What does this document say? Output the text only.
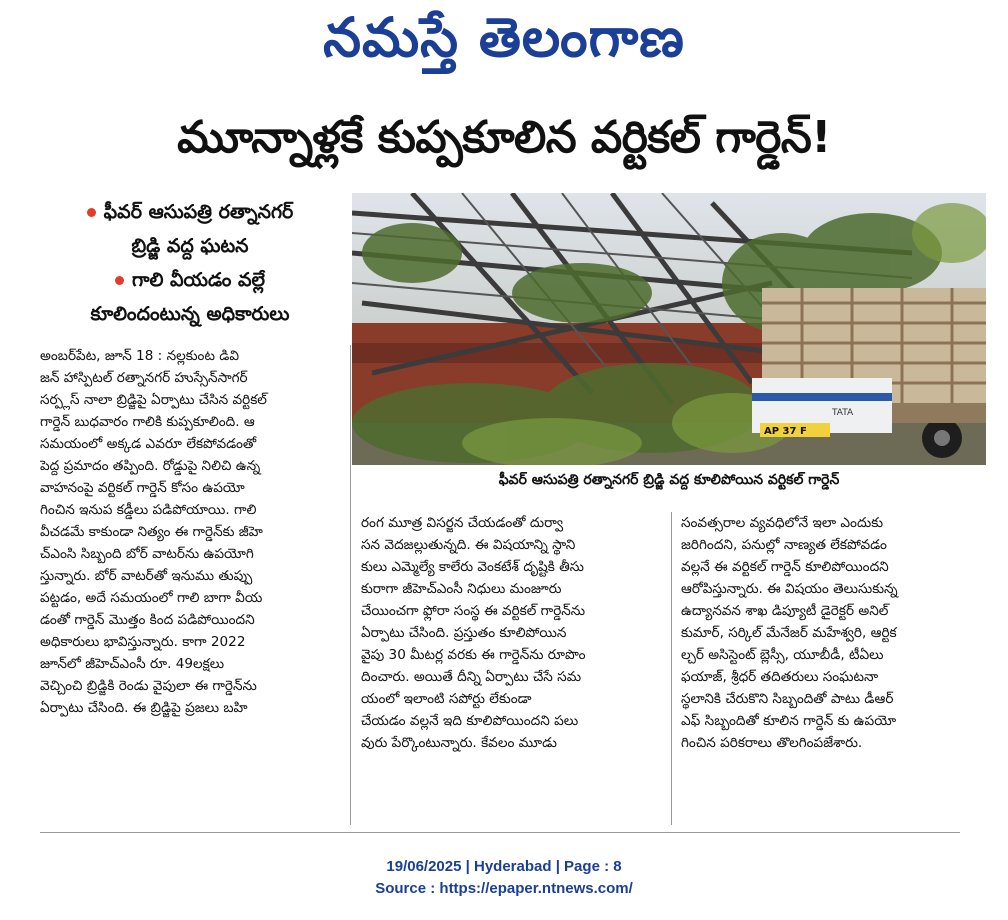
నమస్తే తెలంగాణ
మూన్నాళ్లకే కుప్పకూలిన వర్టికల్ గార్డెన్!
ఫీవర్ ఆసుపత్రి రత్నానగర్
బ్రిడ్జి వద్ద ఘటన
గాలి వీయడం వల్లే
కూలిందంటున్న అధికారులు
AP 37 F
TATA
ఫీవర్ ఆసుపత్రి రత్నానగర్ బ్రిడ్జి వద్ద కూలిపోయిన వర్టికల్ గార్డెన్
అంబర్‌పేట, జూన్ 18 : నల్లకుంట డివి
జన్ హాస్పిటల్ రత్నానగర్ హుస్సేన్‌సాగర్
సర్ప్లస్ నాలా బ్రిడ్జిపై ఏర్పాటు చేసిన వర్టికల్
గార్డెన్ బుధవారం గాలికి కుప్పకూలింది. ఆ
సమయంలో అక్కడ ఎవరూ లేకపోవడంతో
పెద్ద ప్రమాదం తప్పింది. రోడ్డుపై నిలిచి ఉన్న
వాహనంపై వర్టికల్ గార్డెన్ కోసం ఉపయో
గించిన ఇనుప కడ్డీలు పడిపోయాయి. గాలి
వీచడమే కాకుండా నిత్యం ఈ గార్డెన్‌కు జీహె
చ్‌ఎంసి సిబ్బంది బోర్ వాటర్‌ను ఉపయోగి
స్తున్నారు. బోర్ వాటర్‌తో ఇనుము తుప్పు
పట్టడం, అదే సమయంలో గాలి బాగా వీయ
డంతో గార్డెన్ మొత్తం కింద పడిపోయిందని
అధికారులు భావిస్తున్నారు. కాగా 2022
జూన్‌లో జీహెచ్‌ఎంసీ రూ. 49లక్షలు
వెచ్చించి బ్రిడ్జికి రెండు వైపులా ఈ గార్డెన్‌ను
ఏర్పాటు చేసింది. ఈ బ్రిడ్జిపై ప్రజలు బహి
రంగ మూత్ర విసర్జన చేయడంతో దుర్వా
సన వెదజల్లుతున్నది. ఈ విషయాన్ని స్థాని
కులు ఎమ్మెల్యే కాలేరు వెంకటేశ్ దృష్టికి తీసు
కురాగా జీహెచ్‌ఎంసీ నిధులు మంజూరు
చేయించగా ఫ్లోరా సంస్థ ఈ వర్టికల్ గార్డెన్‌ను
ఏర్పాటు చేసింది. ప్రస్తుతం కూలిపోయిన
వైపు 30 మీటర్ల వరకు ఈ గార్డెన్‌ను రూపొం
దించారు. అయితే దీన్ని ఏర్పాటు చేసే సమ
యంలో ఇలాంటి సపోర్టు లేకుండా
చేయడం వల్లనే ఇది కూలిపోయిందని పలు
వురు పేర్కొంటున్నారు. కేవలం మూడు
సంవత్సరాల వ్యవధిలోనే ఇలా ఎందుకు
జరిగిందని, పనుల్లో నాణ్యత లేకపోవడం
వల్లనే ఈ వర్టికల్ గార్డెన్ కూలిపోయిందని
ఆరోపిస్తున్నారు. ఈ విషయం తెలుసుకున్న
ఉద్యానవన శాఖ డిప్యూటీ డైరెక్టర్ అనిల్
కుమార్, సర్కిల్ మేనేజర్ మహేశ్వరి, ఆర్టిక
ల్చర్ అసిస్టెంట్ బ్లెస్సీ, యూబీడీ, టీఏలు
ఫయాజ్, శ్రీధర్ తదితరులు సంఘటనా
స్థలానికి చేరుకొని సిబ్బందితో పాటు డీఆర్
ఎఫ్ సిబ్బందితో కూలిన గార్డెన్ కు ఉపయో
గించిన పరికరాలు తొలగింపజేశారు.
19/06/2025 | Hyderabad | Page : 8
Source : https://epaper.ntnews.com/
